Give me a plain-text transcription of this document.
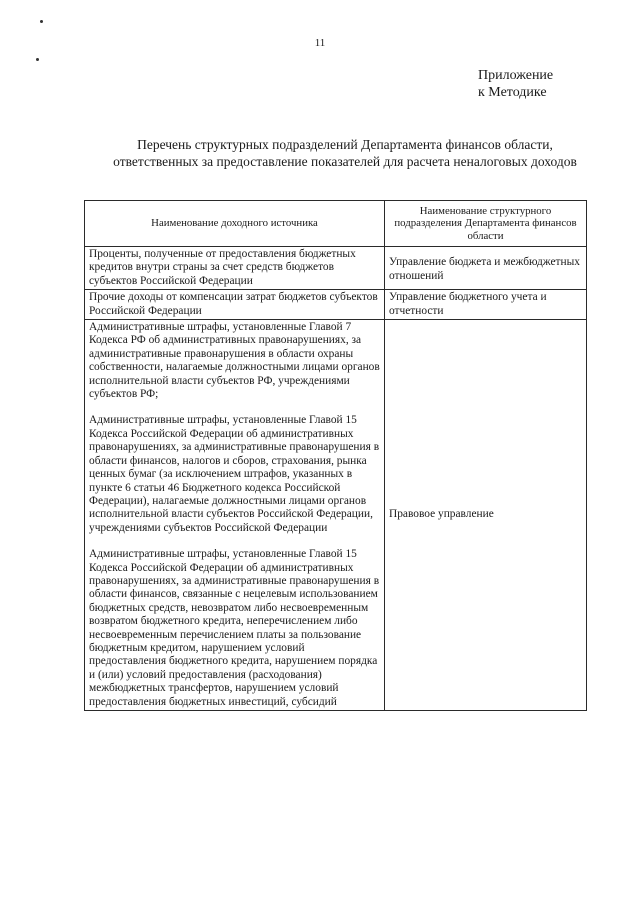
11
Приложение
к Методике
Перечень структурных подразделений Департамента финансов области, ответственных за предоставление показателей для расчета неналоговых доходов
Наименование доходного источника	Наименование структурного подразделения Департамента финансов области
Проценты, полученные от предоставления бюджетных кредитов внутри страны за счет средств бюджетов субъектов Российской Федерации	Управление бюджета и межбюджетных отношений
Прочие доходы от компенсации затрат бюджетов субъектов Российской Федерации	Управление бюджетного учета и отчетности

Административные штрафы, установленные Главой 7 Кодекса РФ об административных правонарушениях, за административные правонарушения в области охраны собственности, налагаемые должностными лицами органов исполнительной власти субъектов РФ, учреждениями субъектов РФ;

Административные штрафы, установленные Главой 15 Кодекса Российской Федерации об административных правонарушениях, за административные правонарушения в области финансов, налогов и сборов, страхования, рынка ценных бумаг (за исключением штрафов, указанных в пункте 6 статьи 46 Бюджетного кодекса Российской Федерации), налагаемые должностными лицами органов исполнительной власти субъектов Российской Федерации, учреждениями субъектов Российской Федерации

Административные штрафы, установленные Главой 15 Кодекса Российской Федерации об административных правонарушениях, за административные правонарушения в области финансов, связанные с нецелевым использованием бюджетных средств, невозвратом либо несвоевременным возвратом бюджетного кредита, неперечислением либо несвоевременным перечислением платы за пользование бюджетным кредитом, нарушением условий предоставления бюджетного кредита, нарушением порядка и (или) условий предоставления (расходования) межбюджетных трансфертов, нарушением условий предоставления бюджетных инвестиций, субсидий	Правовое управление
